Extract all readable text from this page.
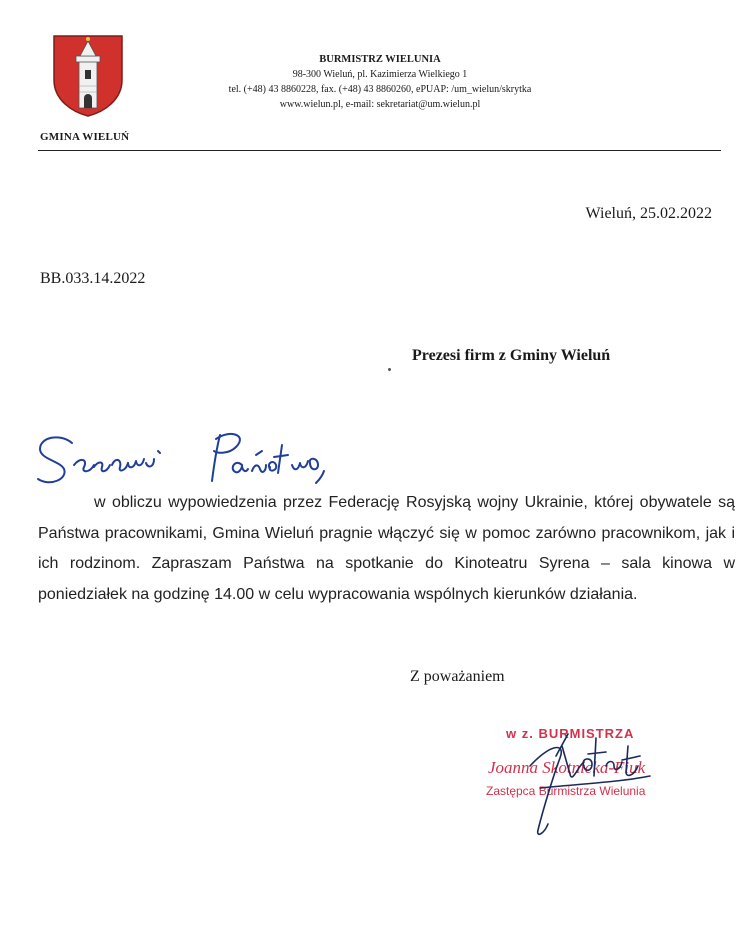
GMINA WIELUŃ
BURMISTRZ WIELUNIA
98-300 Wieluń, pl. Kazimierza Wielkiego 1
tel. (+48) 43 8860228, fax. (+48) 43 8860260, ePUAP: /um_wielun/skrytka
www.wielun.pl, e-mail: sekretariat@um.wielun.pl
Wieluń, 25.02.2022
BB.033.14.2022
Prezesi firm z Gminy Wieluń
w obliczu wypowiedzenia przez Federację Rosyjską wojny Ukrainie, której obywatele są Państwa pracownikami, Gmina Wieluń pragnie włączyć się w pomoc zarówno pracownikom, jak i ich rodzinom. Zapraszam Państwa na spotkanie do Kinoteatru Syrena – sala kinowa w poniedziałek na godzinę 14.00 w celu wypracowania wspólnych kierunków działania.
Z poważaniem
w z. BURMISTRZA
Joanna Skotnicka-Fiuk
Zastępca Burmistrza Wielunia
